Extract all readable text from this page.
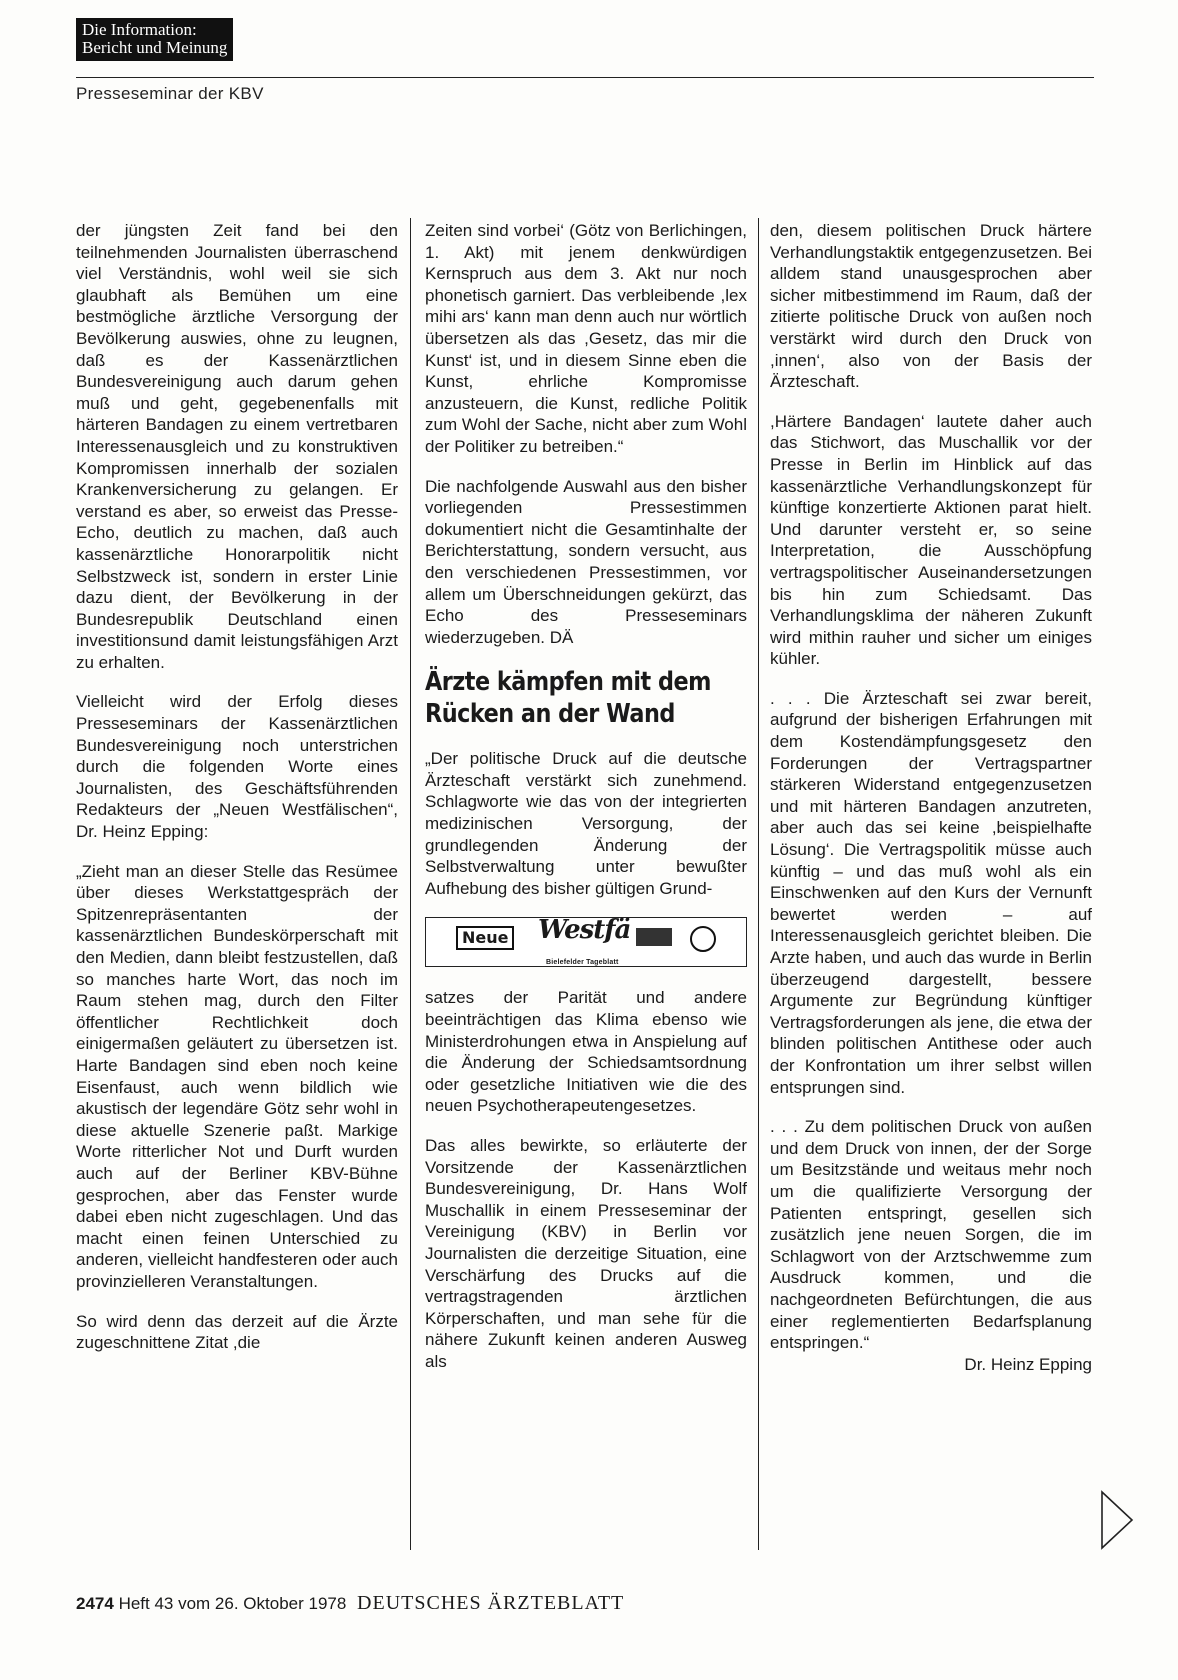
Die Information:
Bericht und Meinung
Presseseminar der KBV

der jüngsten Zeit fand bei den teilnehmenden Journalisten überraschend viel Verständnis, wohl weil sie sich glaubhaft als Bemühen um eine bestmögliche ärztliche Versorgung der Bevölkerung auswies, ohne zu leugnen, daß es der Kassenärztlichen Bundesvereinigung auch darum gehen muß und geht, gegebenenfalls mit härteren Bandagen zu einem vertretbaren Interessenausgleich und zu konstruktiven Kompromissen innerhalb der sozialen Krankenversicherung zu gelangen. Er verstand es aber, so erweist das Presse-Echo, deutlich zu machen, daß auch kassenärztliche Honorarpolitik nicht Selbstzweck ist, sondern in erster Linie dazu dient, der Bevölkerung in der Bundesrepublik Deutschland einen investitionsund damit leistungsfähigen Arzt zu erhalten.

Vielleicht wird der Erfolg dieses Presseseminars der Kassenärztlichen Bundesvereinigung noch unterstrichen durch die folgenden Worte eines Journalisten, des Geschäftsführenden Redakteurs der „Neuen Westfälischen“, Dr. Heinz Epping:

„Zieht man an dieser Stelle das Resümee über dieses Werkstattgespräch der Spitzenrepräsentanten der kassenärztlichen Bundeskörperschaft mit den Medien, dann bleibt festzustellen, daß so manches harte Wort, das noch im Raum stehen mag, durch den Filter öffentlicher Rechtlichkeit doch einigermaßen geläutert zu übersetzen ist. Harte Bandagen sind eben noch keine Eisenfaust, auch wenn bildlich wie akustisch der legendäre Götz sehr wohl in diese aktuelle Szenerie paßt. Markige Worte ritterlicher Not und Durft wurden auch auf der Berliner KBV-Bühne gesprochen, aber das Fenster wurde dabei eben nicht zugeschlagen. Und das macht einen feinen Unterschied zu anderen, vielleicht handfesteren oder auch provinzielleren Veranstaltungen.

So wird denn das derzeit auf die Ärzte zugeschnittene Zitat ,die

Zeiten sind vorbei‘ (Götz von Berlichingen, 1. Akt) mit jenem denkwürdigen Kernspruch aus dem 3. Akt nur noch phonetisch garniert. Das verbleibende ,lex mihi ars‘ kann man denn auch nur wörtlich übersetzen als das ,Gesetz, das mir die Kunst‘ ist, und in diesem Sinne eben die Kunst, ehrliche Kompromisse anzusteuern, die Kunst, redliche Politik zum Wohl der Sache, nicht aber zum Wohl der Politiker zu betreiben.“

Die nachfolgende Auswahl aus den bisher vorliegenden Pressestimmen dokumentiert nicht die Gesamtinhalte der Berichterstattung, sondern versucht, aus den verschiedenen Pressestimmen, vor allem um Überschneidungen gekürzt, das Echo des Presseseminars wiederzugeben. DÄ

Ärzte kämpfen mit dem Rücken an der Wand

„Der politische Druck auf die deutsche Ärzteschaft verstärkt sich zunehmend. Schlagworte wie das von der integrierten medizinischen Versorgung, der grundlegenden Änderung der Selbstverwaltung unter bewußter Aufhebung des bisher gültigen Grund-

Neue Westfä
Bielefelder Tageblatt

satzes der Parität und andere beeinträchtigen das Klima ebenso wie Ministerdrohungen etwa in Anspielung auf die Änderung der Schiedsamtsordnung oder gesetzliche Initiativen wie die des neuen Psychotherapeutengesetzes.

Das alles bewirkte, so erläuterte der Vorsitzende der Kassenärztlichen Bundesvereinigung, Dr. Hans Wolf Muschallik in einem Presseseminar der Vereinigung (KBV) in Berlin vor Journalisten die derzeitige Situation, eine Verschärfung des Drucks auf die vertragstragenden ärztlichen Körperschaften, und man sehe für die nähere Zukunft keinen anderen Ausweg als

den, diesem politischen Druck härtere Verhandlungstaktik entgegenzusetzen. Bei alldem stand unausgesprochen aber sicher mitbestimmend im Raum, daß der zitierte politische Druck von außen noch verstärkt wird durch den Druck von ,innen‘, also von der Basis der Ärzteschaft.

,Härtere Bandagen‘ lautete daher auch das Stichwort, das Muschallik vor der Presse in Berlin im Hinblick auf das kassenärztliche Verhandlungskonzept für künftige konzertierte Aktionen parat hielt. Und darunter versteht er, so seine Interpretation, die Ausschöpfung vertragspolitischer Auseinandersetzungen bis hin zum Schiedsamt. Das Verhandlungsklima der näheren Zukunft wird mithin rauher und sicher um einiges kühler.

. . . Die Ärzteschaft sei zwar bereit, aufgrund der bisherigen Erfahrungen mit dem Kostendämpfungsgesetz den Forderungen der Vertragspartner stärkeren Widerstand entgegenzusetzen und mit härteren Bandagen anzutreten, aber auch das sei keine ,beispielhafte Lösung‘. Die Vertragspolitik müsse auch künftig – und das muß wohl als ein Einschwenken auf den Kurs der Vernunft bewertet werden – auf Interessenausgleich gerichtet bleiben. Die Arzte haben, und auch das wurde in Berlin überzeugend dargestellt, bessere Argumente zur Begründung künftiger Vertragsforderungen als jene, die etwa der blinden politischen Antithese oder auch der Konfrontation um ihrer selbst willen entsprungen sind.

. . . Zu dem politischen Druck von außen und dem Druck von innen, der der Sorge um Besitzstände und weitaus mehr noch um die qualifizierte Versorgung der Patienten entspringt, gesellen sich zusätzlich jene neuen Sorgen, die im Schlagwort von der Arztschwemme zum Ausdruck kommen, und die nachgeordneten Befürchtungen, die aus einer reglementierten Bedarfsplanung entspringen.“

Dr. Heinz Epping
2474 Heft 43 vom 26. Oktober 1978 DEUTSCHES ÄRZTEBLATT
